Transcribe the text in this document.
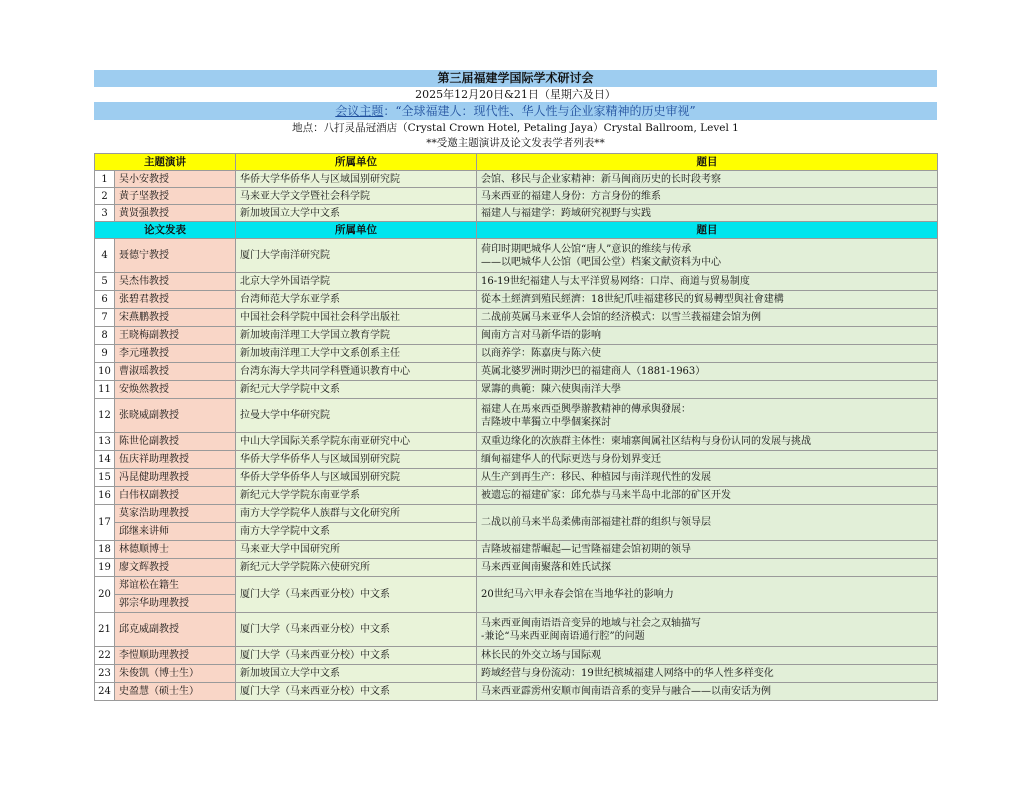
第三届福建学国际学术研讨会
2025年12月20日&21日（星期六及日）
会议主题：“全球福建人：现代性、华人性与企业家精神的历史审视”
地点：八打灵晶冠酒店（Crystal Crown Hotel, Petaling Jaya）Crystal Ballroom, Level 1
**受邀主题演讲及论文发表学者列表**
主题演讲		所属单位	题目
1	吴小安教授	华侨大学华侨华人与区域国别研究院	会馆、移民与企业家精神：新马闽商历史的长时段考察
2	黄子坚教授	马来亚大学文学暨社会科学院	马来西亚的福建人身份：方言身份的维系
3	黄贤强教授	新加坡国立大学中文系	福建人与福建学：跨域研究视野与实践
论文发表		所属单位	题目
4	聂德宁教授	厦门大学南洋研究院	荷印时期吧城华人公馆“唐人”意识的维续与传承
——以吧城华人公馆（吧国公堂）档案文献资料为中心

5	吴杰伟教授	北京大学外国语学院	16-19世纪福建人与太平洋贸易网络：口岸、商道与贸易制度

6	张碧君教授	台湾师范大学东亚学系	從本土經濟到殖民經濟：18世紀爪哇福建移民的貿易轉型與社會建構

7	宋燕鹏教授	中国社会科学院中国社会科学出版社	二战前英属马来亚华人会馆的经济模式：以雪兰莪福建会馆为例

8	王晓梅副教授	新加坡南洋理工大学国立教育学院	闽南方言对马新华语的影响

9	李元瑾教授	新加坡南洋理工大学中文系创系主任	以商养学：陈嘉庚与陈六使

10	曹淑瑶教授	台湾东海大学共同学科暨通识教育中心	英属北婆罗洲时期沙巴的福建商人（1881-1963）

11	安焕然教授	新纪元大学学院中文系	眾籌的典範：陳六使與南洋大學

12	张晓威副教授	拉曼大学中华研究院	福建人在馬來西亞興學辦教精神的傳承與發展：
吉隆坡中華獨立中學個案探討

13	陈世伦副教授	中山大学国际关系学院东南亚研究中心	双重边缘化的次族群主体性：柬埔寨闽属社区结构与身份认同的发展与挑战

14	伍庆祥助理教授	华侨大学华侨华人与区域国别研究院	缅甸福建华人的代际更迭与身份划界变迁

15	冯昆健助理教授	华侨大学华侨华人与区域国别研究院	从生产到再生产：移民、种植园与南洋现代性的发展

16	白伟权副教授	新纪元大学学院东南亚学系	被遗忘的福建矿家：邱允恭与马来半岛中北部的矿区开发

17	莫家浩助理教授
邱继来讲师	南方大学学院华人族群与文化研究所
南方大学学院中文系	二战以前马来半岛柔佛南部福建社群的组织与领导层

18	林德顺博士	马来亚大学中国研究所	吉隆坡福建帮崛起—记雪隆福建会馆初期的领导

19	廖文辉教授	新纪元大学学院陈六使研究所	马来西亚闽南聚落和姓氏试探

20	郑谊松在籍生
郭宗华助理教授	厦门大学（马来西亚分校）中文系	20世纪马六甲永春会馆在当地华社的影响力

21	邱克威副教授	厦门大学（马来西亚分校）中文系	马来西亚闽南语语音变异的地域与社会之双轴描写
-兼论“马来西亚闽南语通行腔”的问题

22	李愷顺助理教授	厦门大学（马来西亚分校）中文系	林长民的外交立场与国际观

23	朱俊凯（博士生）	新加坡国立大学中文系	跨域经营与身份流动：19世纪槟城福建人网络中的华人性多样变化

24	史盈慧（硕士生）	厦门大学（马来西亚分校）中文系	马来西亚霹雳州安顺市闽南语音系的变异与融合——以南安话为例
